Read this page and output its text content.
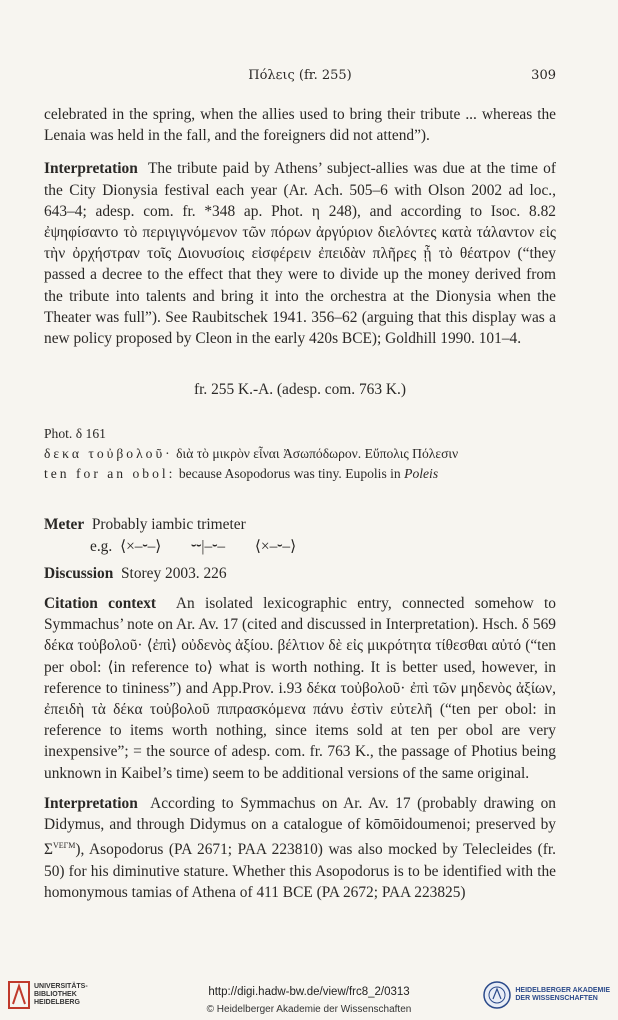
Πόλεις (fr. 255)	309

celebrated in the spring, when the allies used to bring their tribute ... whereas the Lenaia was held in the fall, and the foreigners did not attend”).

Interpretation The tribute paid by Athens’ subject-allies was due at the time of the City Dionysia festival each year (Ar. Ach. 505–6 with Olson 2002 ad loc., 643–4; adesp. com. fr. *348 ap. Phot. η 248), and according to Isoc. 8.82 ἐψηφίσαντο τὸ περιγιγνόμενον τῶν πόρων ἀργύριον διελόντες κατὰ τάλαντον εἰς τὴν ὀρχήστραν τοῖς Διονυσίοις εἰσφέρειν ἐπειδὰν πλῆρες ᾖ τὸ θέατρον (“they passed a decree to the effect that they were to divide up the money derived from the tribute into talents and bring it into the orchestra at the Dionysia when the Theater was full”). See Raubitschek 1941. 356–62 (arguing that this display was a new policy proposed by Cleon in the early 420s BCE); Goldhill 1990. 101–4.

fr. 255 K.-A. (adesp. com. 763 K.)

Phot. δ 161

δεκα τοὐβολοῦ· διὰ τὸ μικρὸν εἶναι Ἀσωπόδωρον. Εὔπολις Πόλεσιν

ten for an obol: because Asopodorus was tiny. Eupolis in Poleis

Meter Probably iambic trimeter

e.g. ⟨×–⏑–⟩ ⏑⏑|–⏑– ⟨×–⏑–⟩

Discussion Storey 2003. 226

Citation context An isolated lexicographic entry, connected somehow to Symmachus’ note on Ar. Av. 17 (cited and discussed in Interpretation). Hsch. δ 569 δέκα τοὐβολοῦ· ⟨ἐπὶ⟩ οὐδενὸς ἀξίου. βέλτιον δὲ εἰς μικρότητα τίθεσθαι αὐτό (“ten per obol: ⟨in reference to⟩ what is worth nothing. It is better used, however, in reference to tininess”) and App.Prov. i.93 δέκα τοὐβολοῦ· ἐπὶ τῶν μηδενὸς ἀξίων, ἐπειδὴ τὰ δέκα τοὐβολοῦ πιπρασκόμενα πάνυ ἐστὶν εὐτελῆ (“ten per obol: in reference to items worth nothing, since items sold at ten per obol are very inexpensive”; = the source of adesp. com. fr. 763 K., the passage of Photius being unknown in Kaibel’s time) seem to be additional versions of the same original.

Interpretation According to Symmachus on Ar. Av. 17 (probably drawing on Didymus, and through Didymus on a catalogue of kōmōidoumenoi; preserved by $\Sigma^{VE\Gamma M}$), Asopodorus (PA 2671; PAA 223810) was also mocked by Telecleides (fr. 50) for his diminutive stature. Whether this Asopodorus is to be identified with the homonymous tamias of Athena of 411 BCE (PA 2672; PAA 223825)

UNIVERSITÄTS-
BIBLIOTHEK
HEIDELBERG
http://digi.hadw-bw.de/view/frc8_2/0313
© Heidelberger Akademie der Wissenschaften
HEIDELBERGER AKADEMIE
DER WISSENSCHAFTEN
